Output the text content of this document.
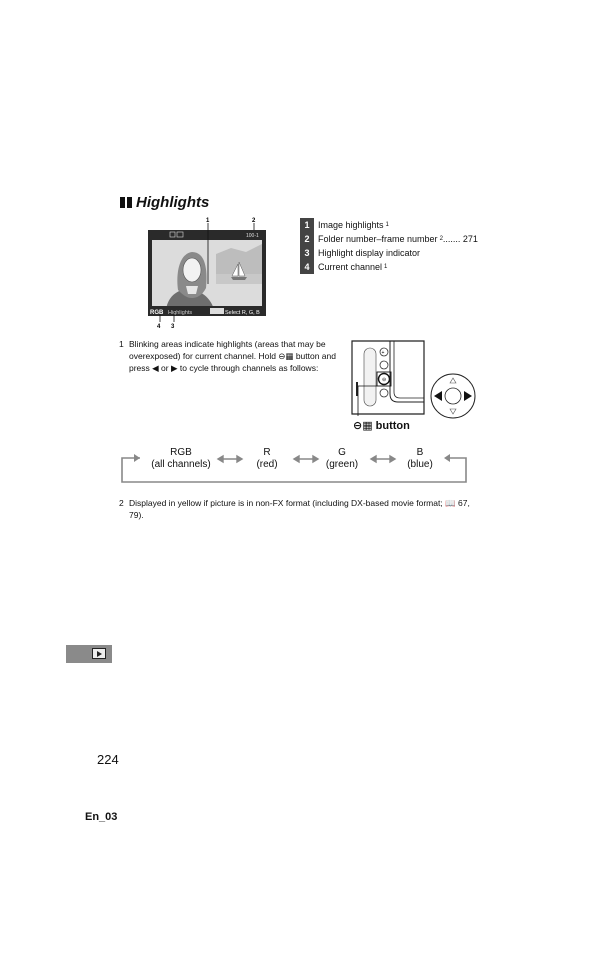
Highlights
1	2
100-1
RGB Highlights	Select R, G, B
4 3
1 Image highlights 1
2 Folder number–frame number 2 ....... 271
3 Highlight display indicator
4 Current channel 1
1 Blinking areas indicate highlights (areas that may be overexposed) for current channel. Hold ⊖▦ button and press ◀ or ▶ to cycle through channels as follows:
+
⊖
⊖▦ button
RGB
(all channels)
R
(red)
G
(green)
B
(blue)
2 Displayed in yellow if picture is in non-FX format (including DX-based movie format; 📖 67, 79).
224
En_03
